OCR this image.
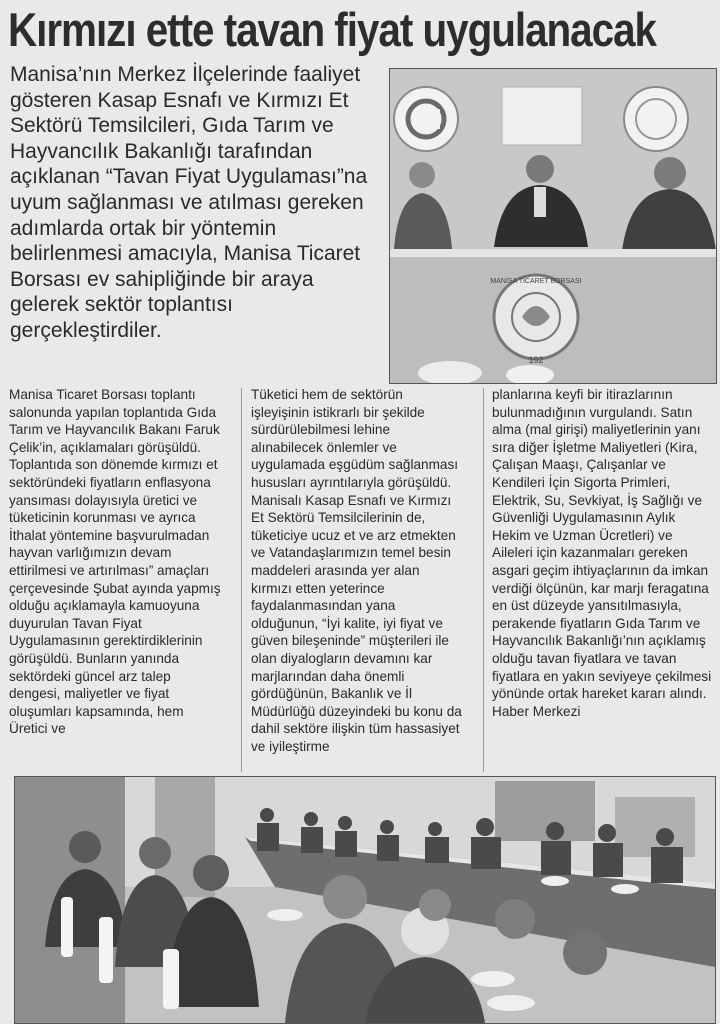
Kırmızı ette tavan fiyat uygulanacak

Manisa’nın Merkez İlçelerinde faaliyet gösteren Kasap Esnafı ve Kırmızı Et Sektörü Temsilcileri, Gıda Tarım ve Hayvancılık Bakanlığı tarafından açıklanan “Tavan Fiyat Uygulaması”na uyum sağlanması ve atılması gereken adımlarda ortak bir yöntemin belirlenmesi amacıyla, Manisa Ticaret Borsası ev sahipliğinde bir araya gelerek sektör toplantısı gerçekleştirdiler.

192
MANİSA TİCARET BORSASI

Manisa Ticaret Borsası toplantı salonunda yapılan toplantıda Gıda Tarım ve Hayvancılık Bakanı Faruk Çelik’in, açıklamaları görüşüldü. Toplantıda son dönemde kırmızı et sektöründeki fiyatların enflasyona yansıması dolayısıyla üretici ve tüketicinin korunması ve ayrıca İthalat yöntemine başvurulmadan hayvan varlığımızın devam ettirilmesi ve artırılması” amaçları çerçevesinde Şubat ayında yapmış olduğu açıklamayla kamuoyuna duyurulan Tavan Fiyat Uygulamasının gerektirdiklerinin görüşüldü. Bunların yanında sektördeki güncel arz talep dengesi, maliyetler ve fiyat oluşumları kapsamında, hem Üretici ve

Tüketici hem de sektörün işleyişinin istikrarlı bir şekilde sürdürülebilmesi lehine alınabilecek önlemler ve uygulamada eşgüdüm sağlanması hususları ayrıntılarıyla görüşüldü. Manisalı Kasap Esnafı ve Kırmızı Et Sektörü Temsilcilerinin de, tüketiciye ucuz et ve arz etmekten ve Vatandaşlarımızın temel besin maddeleri arasında yer alan kırmızı etten yeterince faydalanmasından yana olduğunun, “İyi kalite, iyi fiyat ve güven bileşeninde” müşterileri ile olan diyalogların devamını kar marjlarından daha önemli gördüğünün, Bakanlık ve İl Müdürlüğü düzeyindeki bu konu da dahil sektöre ilişkin tüm hassasiyet ve iyileştirme

planlarına keyfi bir itirazlarının bulunmadığının vurgulandı. Satın alma (mal girişi) maliyetlerinin yanı sıra diğer İşletme Maliyetleri (Kira, Çalışan Maaşı, Çalışanlar ve Kendileri İçin Sigorta Primleri, Elektrik, Su, Sevkiyat, İş Sağlığı ve Güvenliği Uygulamasının Aylık Hekim ve Uzman Ücretleri) ve Aileleri için kazanmaları gereken asgari geçim ihtiyaçlarının da imkan verdiği ölçünün, kar marjı feragatına en üst düzeyde yansıtılmasıyla, perakende fiyatların Gıda Tarım ve Hayvancılık Bakanlığı’nın açıklamış olduğu tavan fiyatlara ve tavan fiyatlara en yakın seviyeye çekilmesi yönünde ortak hareket kararı alındı. Haber Merkezi
